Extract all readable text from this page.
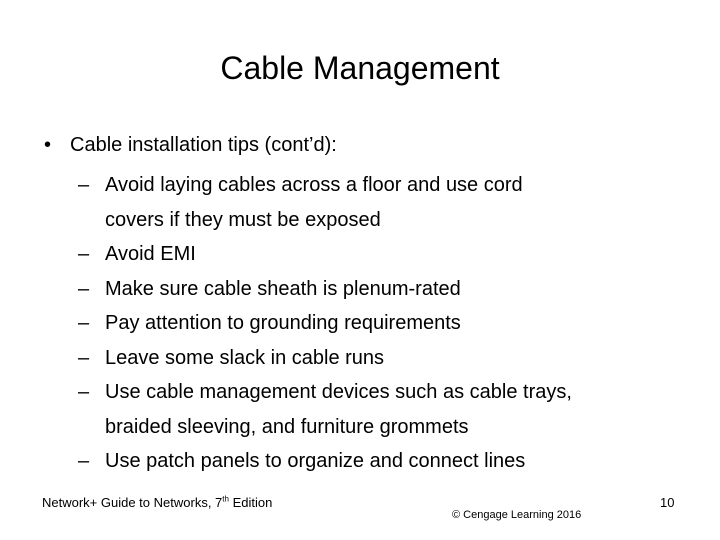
Cable Management
• Cable installation tips (cont’d):
– Avoid laying cables across a floor and use cord
covers if they must be exposed
– Avoid EMI
– Make sure cable sheath is plenum-rated
– Pay attention to grounding requirements
– Leave some slack in cable runs
– Use cable management devices such as cable trays,
braided sleeving, and furniture grommets
– Use patch panels to organize and connect lines
Network+ Guide to Networks, 7th Edition
© Cengage Learning 2016
10
